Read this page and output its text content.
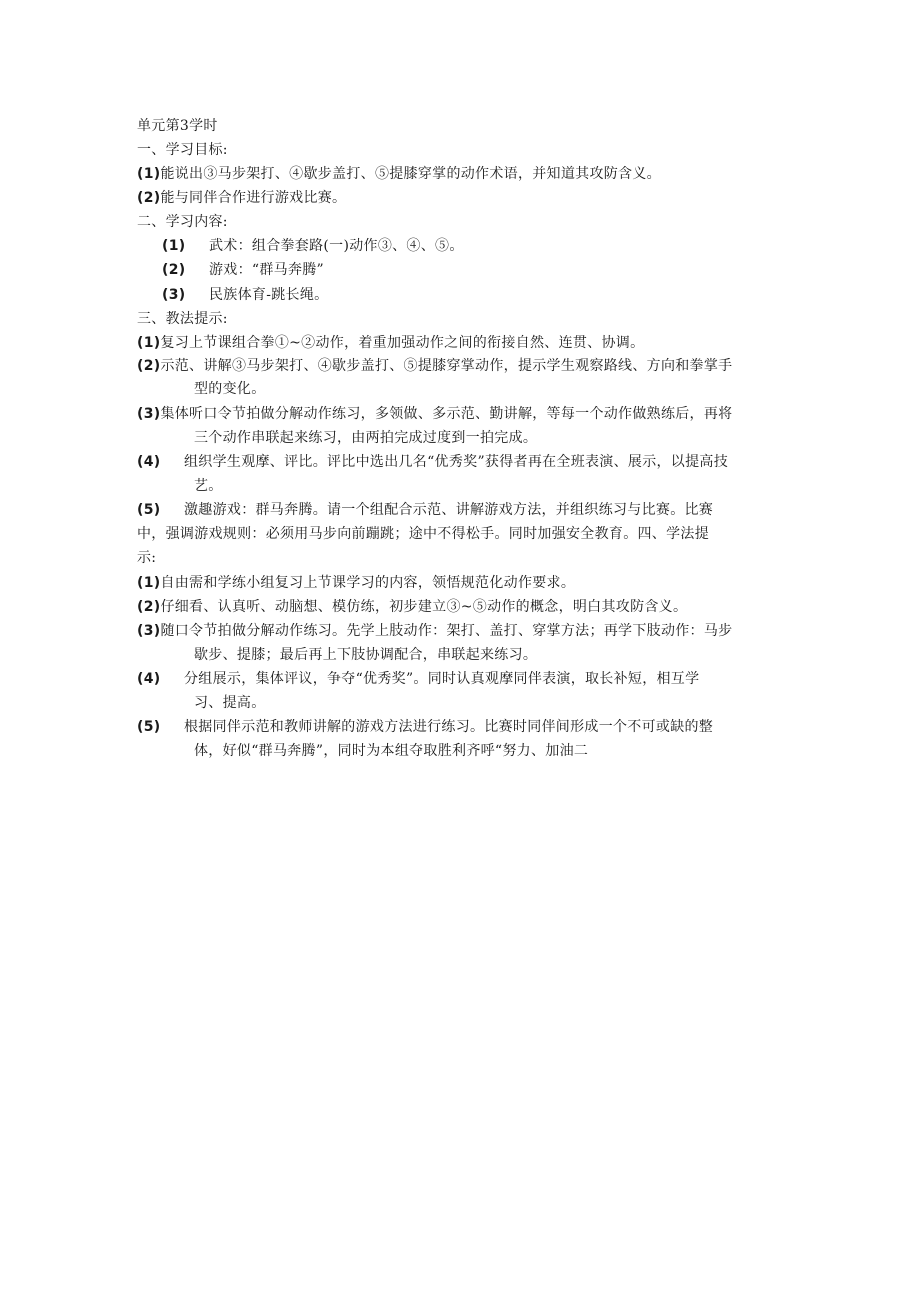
单元第3学时
一、学习目标:
(1)能说出③马步架打、④歇步盖打、⑤提膝穿掌的动作术语，并知道其攻防含义。
(2)能与同伴合作进行游戏比赛。
二、学习内容:
(1) 武术：组合拳套路(一)动作③、④、⑤。
(2) 游戏：“群马奔腾”
(3) 民族体育-跳长绳。
三、教法提示:
(1)复习上节课组合拳①~②动作，着重加强动作之间的衔接自然、连贯、协调。
(2)示范、讲解③马步架打、④歇步盖打、⑤提膝穿掌动作，提示学生观察路线、方向和拳掌手
型的变化。
(3)集体听口令节拍做分解动作练习，多领做、多示范、勤讲解，等每一个动作做熟练后，再将
三个动作串联起来练习，由两拍完成过度到一拍完成。
(4) 组织学生观摩、评比。评比中选出几名“优秀奖”获得者再在全班表演、展示，以提高技
艺。
(5) 激趣游戏：群马奔腾。请一个组配合示范、讲解游戏方法，并组织练习与比赛。比赛
中，强调游戏规则：必须用马步向前蹦跳；途中不得松手。同时加强安全教育。四、学法提
示:
(1)自由需和学练小组复习上节课学习的内容，领悟规范化动作要求。
(2)仔细看、认真听、动脑想、模仿练，初步建立③~⑤动作的概念，明白其攻防含义。
(3)随口令节拍做分解动作练习。先学上肢动作：架打、盖打、穿掌方法；再学下肢动作：马步
歇步、提膝；最后再上下肢协调配合，串联起来练习。
(4) 分组展示，集体评议，争夺“优秀奖”。同时认真观摩同伴表演，取长补短，相互学
习、提高。
(5) 根据同伴示范和教师讲解的游戏方法进行练习。比赛时同伴间形成一个不可或缺的整
体，好似“群马奔腾”，同时为本组夺取胜利齐呼“努力、加油二
